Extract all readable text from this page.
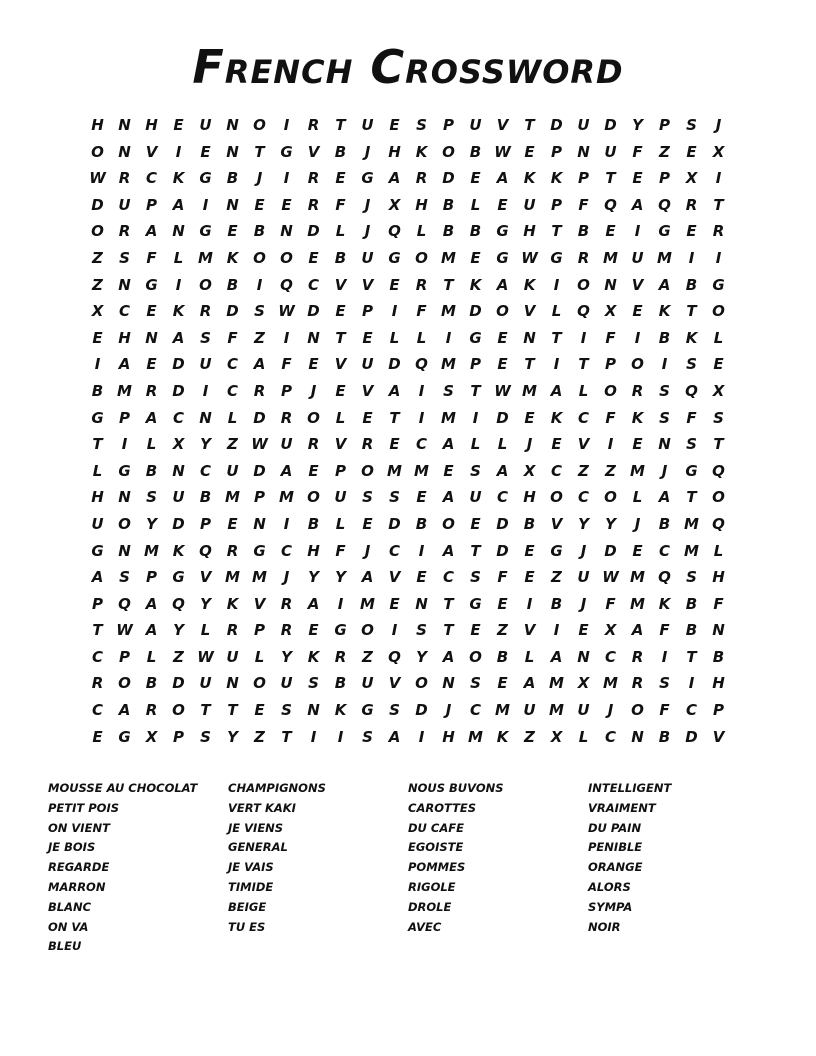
French Crossword
H N H	E	U N O	I	R	T	U	E	S	P	U	V	T	D U D	Y	P	S	J
O N V	I	E	N	T	G	V	B	J	H K O B W E	P	N U	F	Z	E	X
W R	C	K	G	B	J	I	R	E	G	A	R D	E	A	K	K	P	T	E	P	X	I
D U	P	A	I	N	E	E	R	F	J	X H	B	L	E	U	P	F	Q A Q R	T
O R	A N G	E	B	N D	L	J	Q	L	B	B	G H	T	B	E	I	G	E	R
Z	S	F	L M K O O	E	B	U G O M E	G W G	R M U M	I	I
Z	N G	I	O B	I	Q	C	V	V	E	R	T	K	A	K	I	O N V	A	B	G
X	C	E	K	R D	S W D	E	P	I	F M D O V	L	Q X	E	K	T	O
E	H N A	S	F	Z	I	N	T	E	L	L	I	G	E	N	T	I	F	I	B	K	L
I	A	E	D U	C	A	F	E	V	U D Q M P	E	T	I	T	P	O	I	S	E
B M R D	I	C	R	P	J	E	V	A	I	S	T W M A	L	O R	S	Q X
G	P	A	C	N	L	D	R O	L	E	T	I	M	I	D	E	K	C	F	K	S	F	S
T	I	L	X	Y	Z W U	R	V	R	E	C	A	L	L	J	E	V	I	E	N	S	T
L	G	B	N	C	U D A	E	P	O M M E	S	A	X	C	Z	Z M	J	G Q
H N	S	U	B M P M O U	S	S	E	A	U	C	H O	C	O	L	A	T	O
U O	Y	D	P	E	N	I	B	L	E	D	B O	E	D	B	V	Y	Y	J	B M Q
G N M K Q R	G	C	H	F	J	C	I	A	T	D	E	G	J	D	E	C M L
A	S	P	G	V M M	J	Y	Y	A	V	E	C	S	F	E	Z	U W M Q	S	H
P	Q A Q	Y	K	V	R	A	I	M E	N	T	G	E	I	B	J	F M K	B	F
T W A	Y	L	R	P	R	E	G O	I	S	T	E	Z	V	I	E	X	A	F	B	N
C	P	L	Z W U	L	Y	K	R	Z	Q	Y	A O B	L	A N	C	R	I	T	B
R O B	D U N O U	S	B	U	V O N	S	E	A M X M R	S	I	H
C	A	R O	T	T	E	S	N K	G	S	D	J	C M U M U	J	O	F	C	P
E	G	X	P	S	Y	Z	T	I	I	S	A	I	H M K	Z	X	L	C	N	B	D V
MOUSSE AU CHOCOLAT
PETIT POIS
ON VIENT
JE BOIS
REGARDE
MARRON
BLANC
ON VA
BLEU
CHAMPIGNONS
VERT KAKI
JE VIENS
GENERAL
JE VAIS
TIMIDE
BEIGE
TU ES
NOUS BUVONS
CAROTTES
DU CAFE
EGOISTE
POMMES
RIGOLE
DROLE
AVEC
INTELLIGENT
VRAIMENT
DU PAIN
PENIBLE
ORANGE
ALORS
SYMPA
NOIR
